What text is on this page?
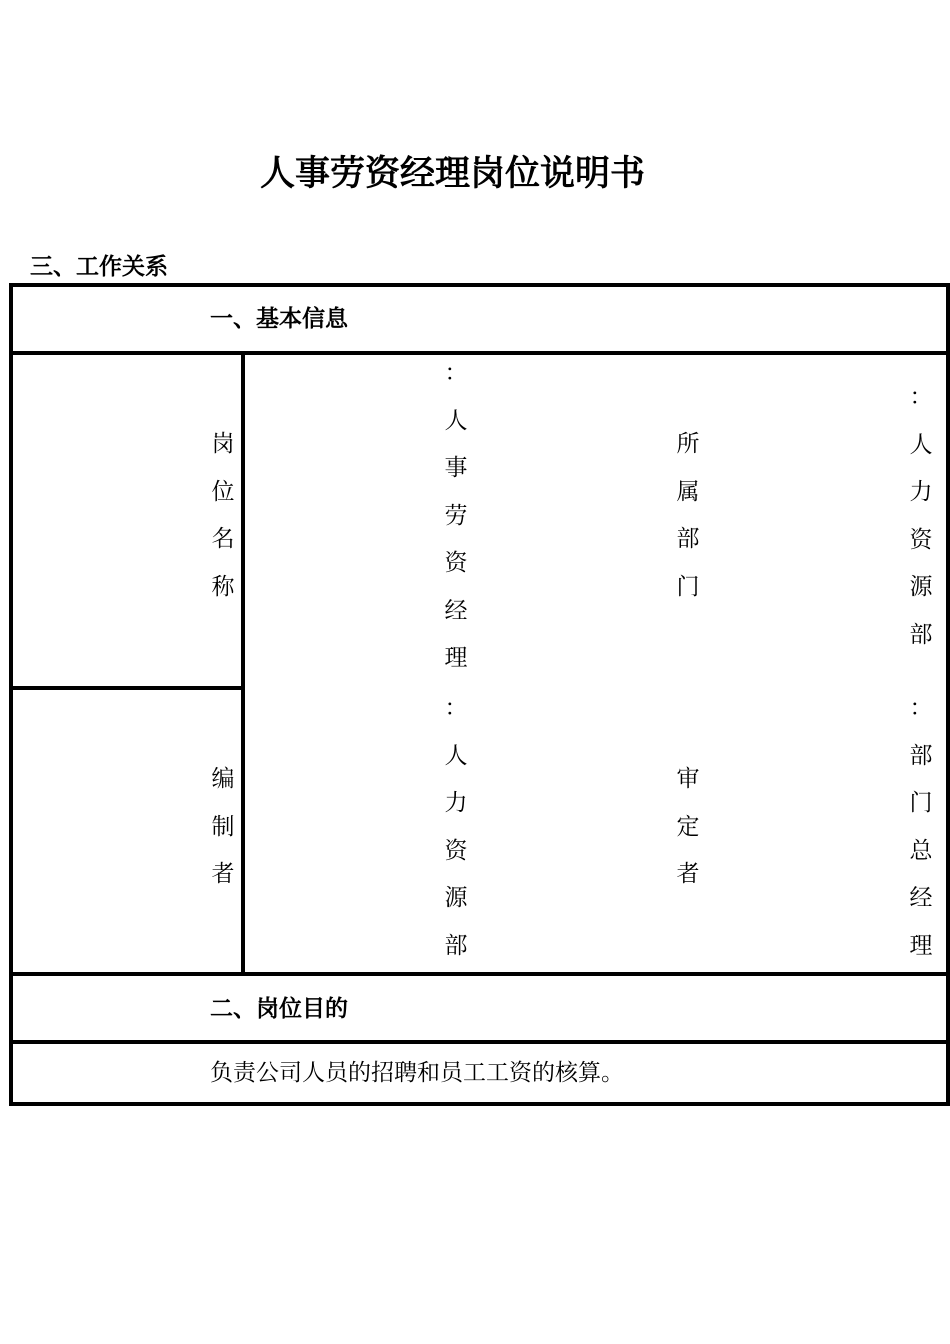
人事劳资经理岗位说明书
三、工作关系
一、基本信息
二、岗位目的
负责公司人员的招聘和员工工资的核算。
岗位名称
：人事劳资经理
所属部门
：人力资源部
编制者
：人力资源部
审定者
：部门总经理
